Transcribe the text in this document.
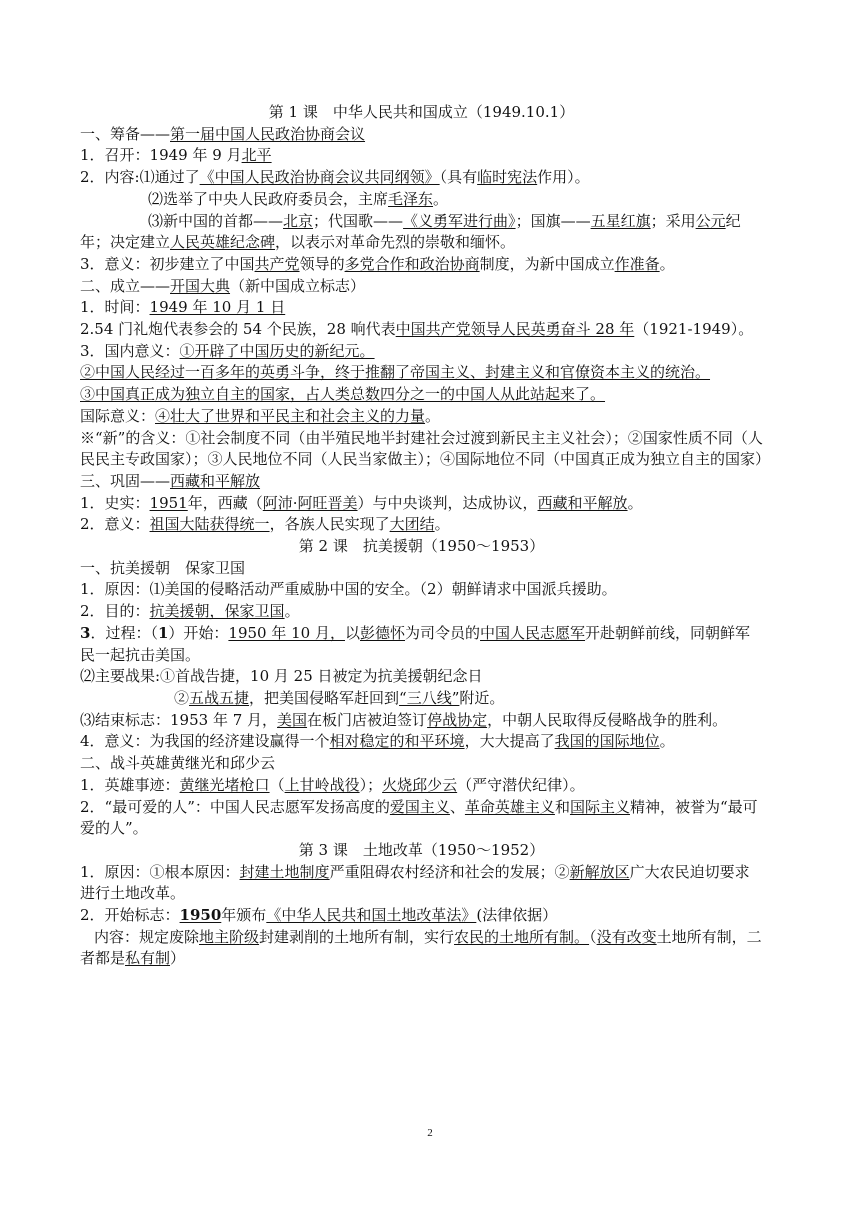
第 1 课　中华人民共和国成立（1949.10.1）

一、筹备——第一届中国人民政治协商会议

1．召开：1949 年 9 月北平

2．内容:⑴通过了《中国人民政治协商会议共同纲领》（具有临时宪法作用）。

⑵选举了中央人民政府委员会，主席毛泽东。

⑶新中国的首都——北京；代国歌——《义勇军进行曲》；国旗——五星红旗；采用公元纪年；决定建立人民英雄纪念碑，以表示对革命先烈的崇敬和缅怀。

3．意义：初步建立了中国共产党领导的多党合作和政治协商制度，为新中国成立作准备。

二、成立——开国大典（新中国成立标志）

1．时间：1949 年 10 月 1 日

2.54 门礼炮代表参会的 54 个民族，28 响代表中国共产党领导人民英勇奋斗 28 年（1921-1949）。

3．国内意义：①开辟了中国历史的新纪元。

②中国人民经过一百多年的英勇斗争，终于推翻了帝国主义、封建主义和官僚资本主义的统治。

③中国真正成为独立自主的国家，占人类总数四分之一的中国人从此站起来了。

国际意义：④壮大了世界和平民主和社会主义的力量。

※“新”的含义：①社会制度不同（由半殖民地半封建社会过渡到新民主主义社会）；②国家性质不同（人民民主专政国家）；③人民地位不同（人民当家做主）；④国际地位不同（中国真正成为独立自主的国家）

三、巩固——西藏和平解放

1．史实：1951年，西藏（阿沛·阿旺晋美）与中央谈判，达成协议，西藏和平解放。

2．意义：祖国大陆获得统一，各族人民实现了大团结。

第 2 课　抗美援朝（1950～1953）

一、抗美援朝　保家卫国

1．原因：⑴美国的侵略活动严重威胁中国的安全。（2）朝鲜请求中国派兵援助。

2．目的：抗美援朝，保家卫国。

3．过程：（1）开始：1950 年 10 月，以彭德怀为司令员的中国人民志愿军开赴朝鲜前线，同朝鲜军民一起抗击美国。

⑵主要战果:①首战告捷，10 月 25 日被定为抗美援朝纪念日

②五战五捷，把美国侵略军赶回到“三八线”附近。

⑶结束标志：1953 年 7 月，美国在板门店被迫签订停战协定，中朝人民取得反侵略战争的胜利。

4．意义：为我国的经济建设赢得一个相对稳定的和平环境，大大提高了我国的国际地位。

二、战斗英雄黄继光和邱少云

1．英雄事迹：黄继光堵枪口（上甘岭战役）；火烧邱少云（严守潜伏纪律）。

2．“最可爱的人”：中国人民志愿军发扬高度的爱国主义、革命英雄主义和国际主义精神，被誉为“最可爱的人”。

第 3 课　土地改革（1950～1952）

1．原因：①根本原因：封建土地制度严重阻碍农村经济和社会的发展；②新解放区广大农民迫切要求进行土地改革。

2．开始标志：1950年颁布《中华人民共和国土地改革法》(法律依据）

内容：规定废除地主阶级封建剥削的土地所有制，实行农民的土地所有制。（没有改变土地所有制，二者都是私有制）

2
